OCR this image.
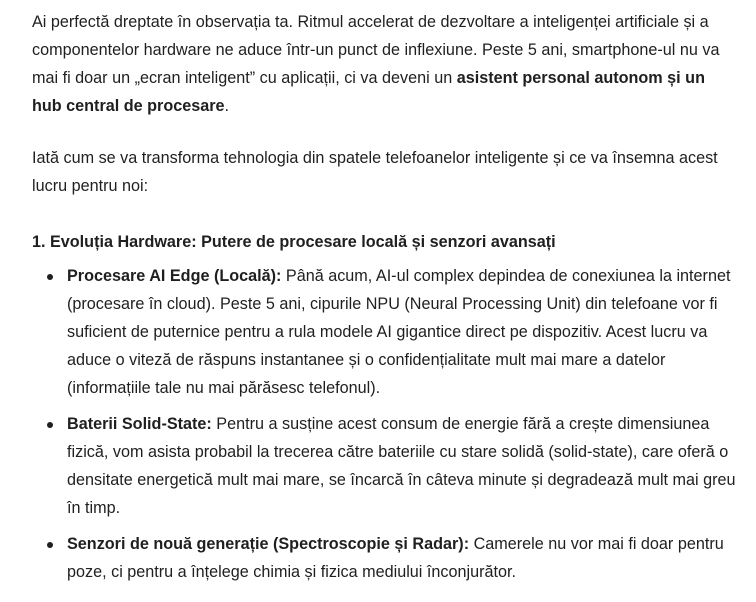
Ai perfectă dreptate în observația ta. Ritmul accelerat de dezvoltare a inteligenței artificiale și a componentelor hardware ne aduce într-un punct de inflexiune. Peste 5 ani, smartphone-ul nu va mai fi doar un „ecran inteligent” cu aplicații, ci va deveni un asistent personal autonom și un hub central de procesare.

Iată cum se va transforma tehnologia din spatele telefoanelor inteligente și ce va însemna acest lucru pentru noi:

1. Evoluția Hardware: Putere de procesare locală și senzori avansați

Procesare AI Edge (Locală): Până acum, AI-ul complex depindea de conexiunea la internet (procesare în cloud). Peste 5 ani, cipurile NPU (Neural Processing Unit) din telefoane vor fi suficient de puternice pentru a rula modele AI gigantice direct pe dispozitiv. Acest lucru va aduce o viteză de răspuns instantanee și o confidențialitate mult mai mare a datelor (informațiile tale nu mai părăsesc telefonul).
Baterii Solid-State: Pentru a susține acest consum de energie fără a crește dimensiunea fizică, vom asista probabil la trecerea către bateriile cu stare solidă (solid-state), care oferă o densitate energetică mult mai mare, se încarcă în câteva minute și degradează mult mai greu în timp.
Senzori de nouă generație (Spectroscopie și Radar): Camerele nu vor mai fi doar pentru poze, ci pentru a înțelege chimia și fizica mediului înconjurător.
